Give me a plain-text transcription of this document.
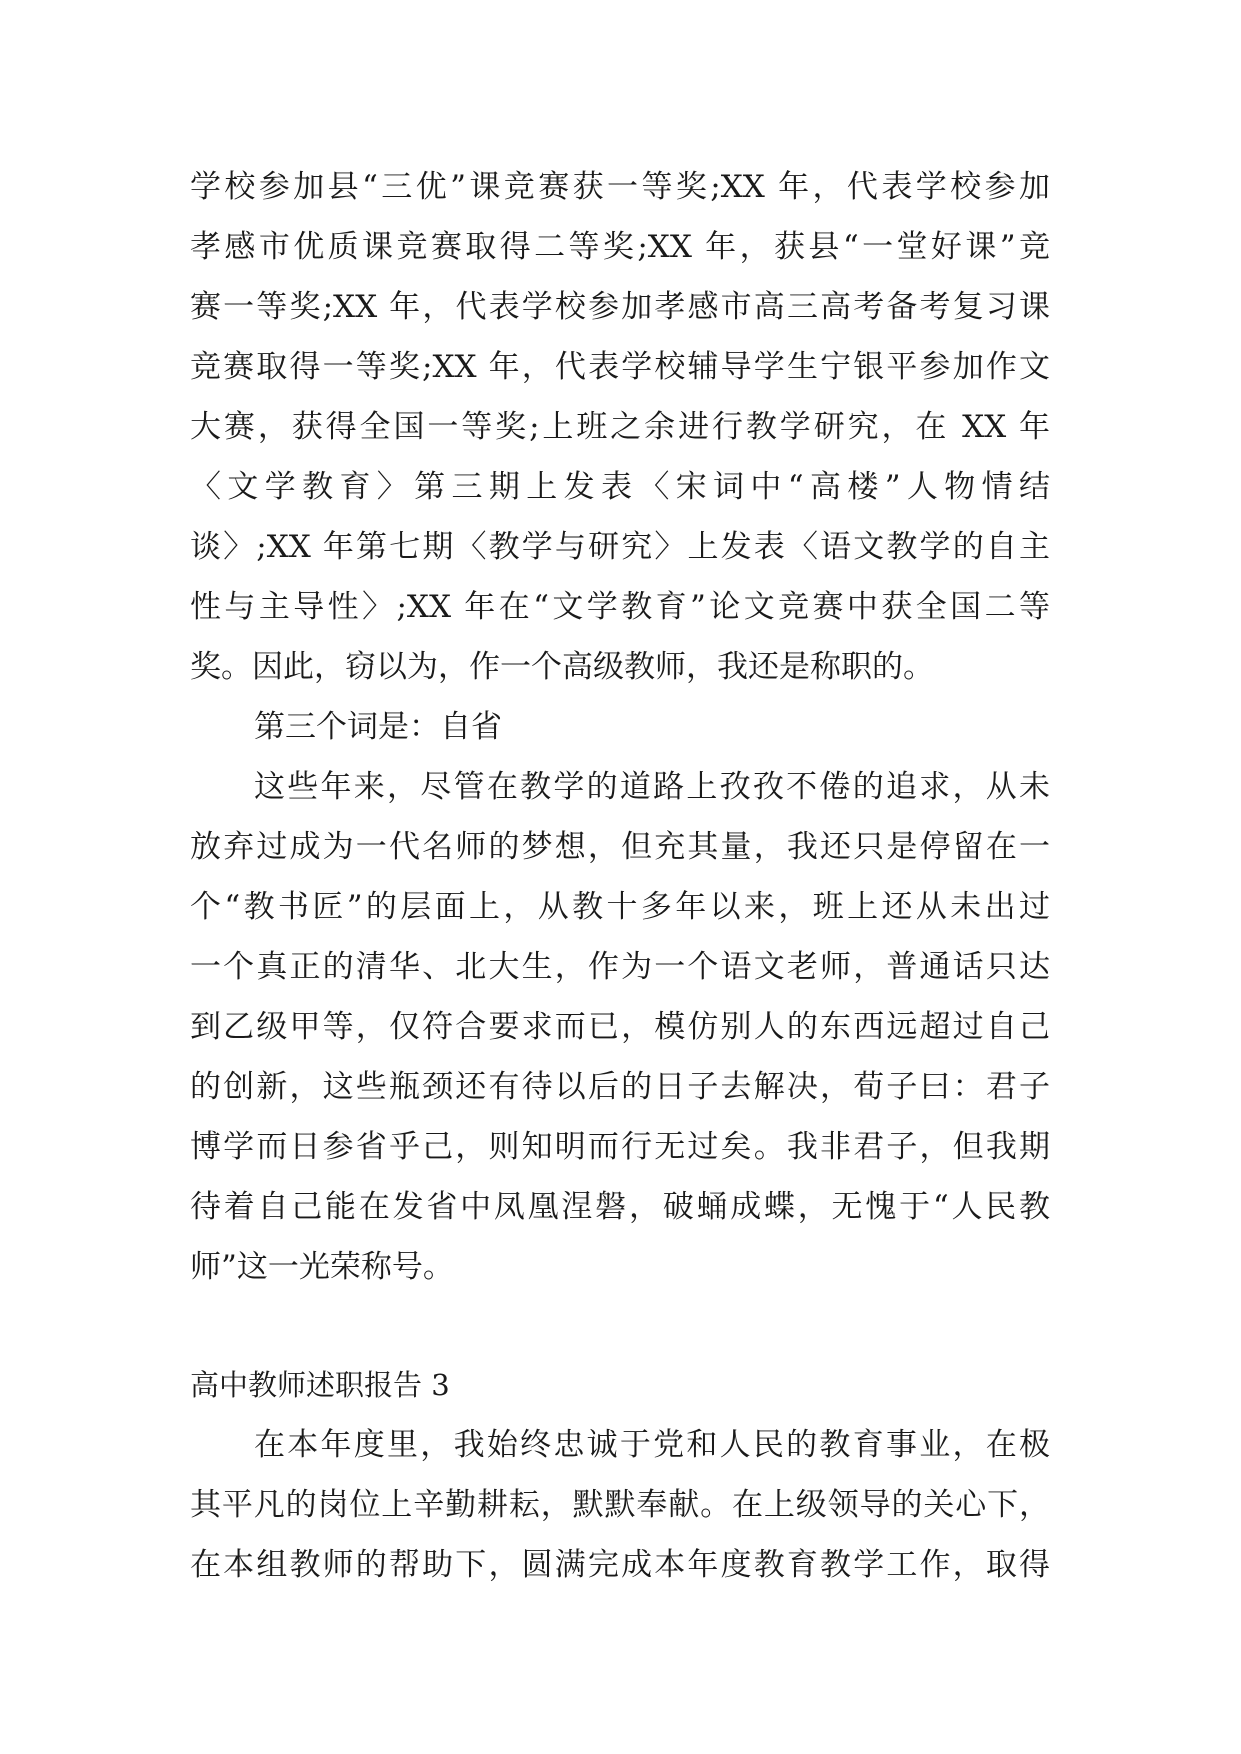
学校参加县“三优”课竞赛获一等奖;XX 年，代表学校参加
孝感市优质课竞赛取得二等奖;XX 年，获县“一堂好课”竞
赛一等奖;XX 年，代表学校参加孝感市高三高考备考复习课
竞赛取得一等奖;XX 年，代表学校辅导学生宁银平参加作文
大赛，获得全国一等奖;上班之余进行教学研究，在 XX 年
〈文学教育〉第三期上发表〈宋词中“高楼”人物情结
谈〉;XX 年第七期〈教学与研究〉上发表〈语文教学的自主
性与主导性〉;XX 年在“文学教育”论文竞赛中获全国二等
奖。因此，窃以为，作一个高级教师，我还是称职的。
第三个词是：自省
这些年来，尽管在教学的道路上孜孜不倦的追求，从未
放弃过成为一代名师的梦想，但充其量，我还只是停留在一
个“教书匠”的层面上，从教十多年以来，班上还从未出过
一个真正的清华、北大生，作为一个语文老师，普通话只达
到乙级甲等，仅符合要求而已，模仿别人的东西远超过自己
的创新，这些瓶颈还有待以后的日子去解决，荀子曰：君子
博学而日参省乎己，则知明而行无过矣。我非君子，但我期
待着自己能在发省中凤凰涅磐，破蛹成蝶，无愧于“人民教
师”这一光荣称号。
高中教师述职报告 3
在本年度里，我始终忠诚于党和人民的教育事业，在极
其平凡的岗位上辛勤耕耘，默默奉献。在上级领导的关心下，
在本组教师的帮助下，圆满完成本年度教育教学工作，取得
